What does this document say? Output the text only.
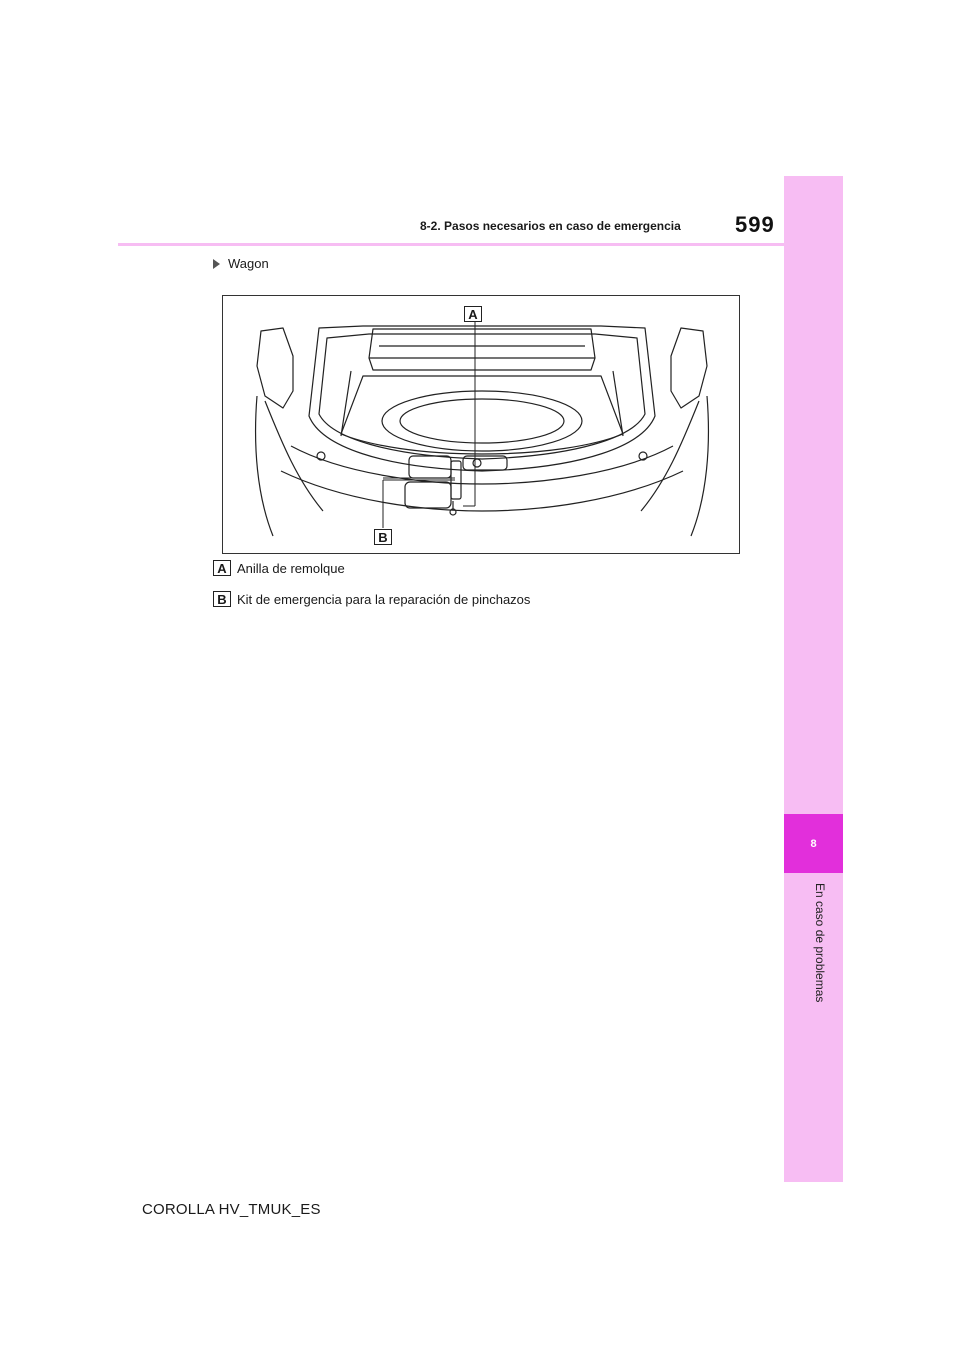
8
En caso de problemas
8-2. Pasos necesarios en caso de emergencia 599
Wagon
A
B
A Anilla de remolque
B Kit de emergencia para la reparación de pinchazos
COROLLA HV_TMUK_ES
